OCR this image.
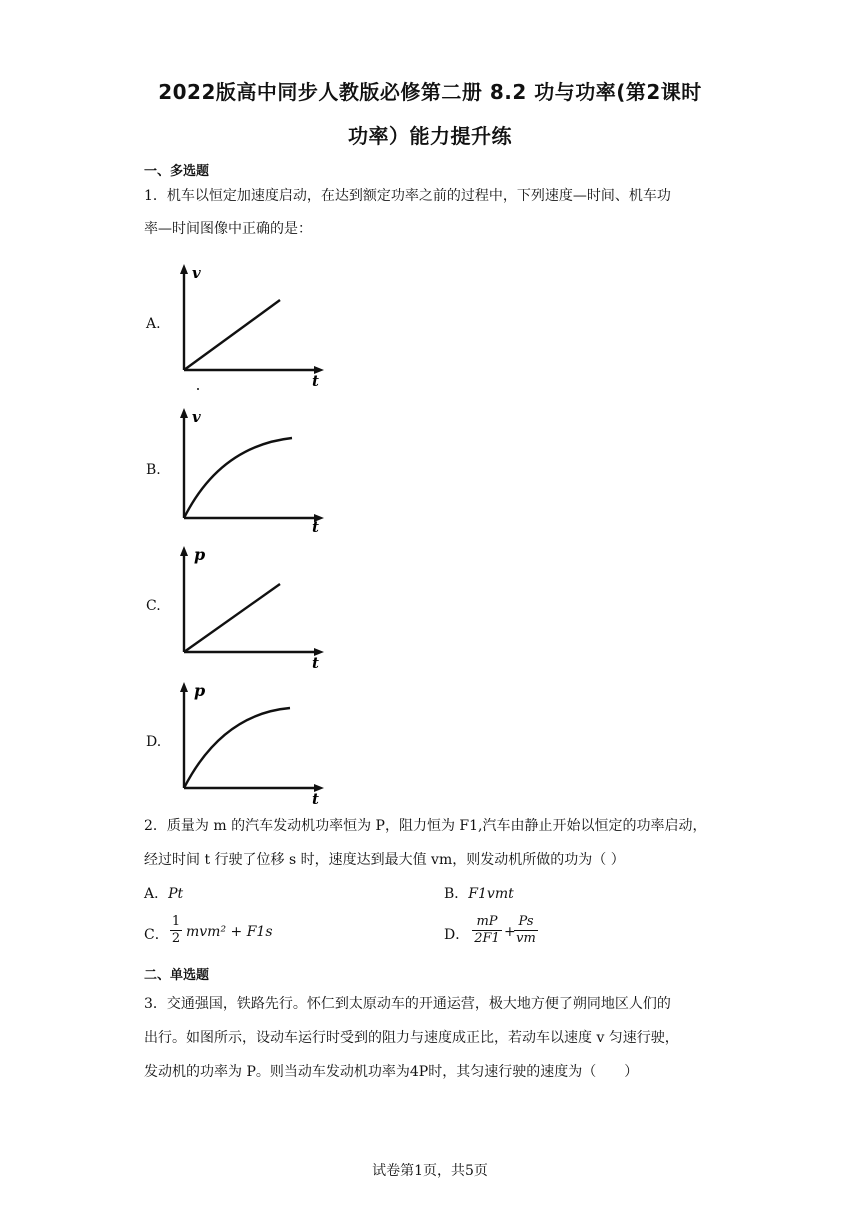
2022版高中同步人教版必修第二册 8.2 功与功率(第2课时
功率）能力提升练
一、多选题
1．机车以恒定加速度启动，在达到额定功率之前的过程中，下列速度—时间、机车功
率—时间图像中正确的是：
A.
v
t
B.
v
t
C.
p
t
D.
p
t
2．质量为 m 的汽车发动机功率恒为 P，阻力恒为 F1,汽车由静止开始以恒定的功率启动，
经过时间 t 行驶了位移 s 时，速度达到最大值 vm，则发动机所做的功为（ ）
A．Pt	B．F1vmt
C． $\frac{1}{2} mvm^2 + F1s$	D． $\frac{mP}{2F1}$ +
$\frac{Ps}{vm}$
二、单选题
3．交通强国，铁路先行。怀仁到太原动车的开通运营，极大地方便了朔同地区人们的
出行。如图所示，设动车运行时受到的阻力与速度成正比，若动车以速度 v 匀速行驶，
发动机的功率为 P。则当动车发动机功率为4P时，其匀速行驶的速度为（　　）
试卷第1页，共5页
